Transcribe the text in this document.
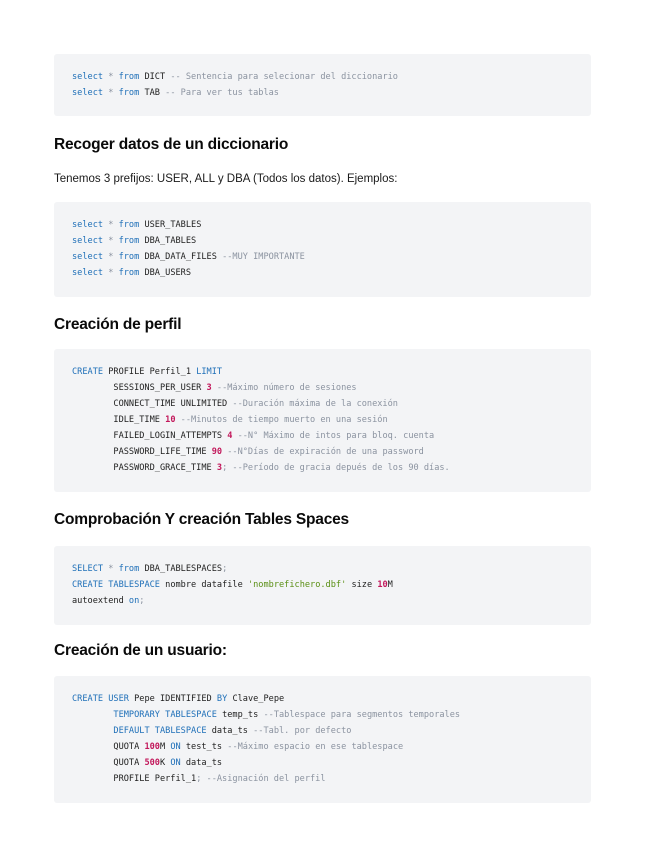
select * from DICT -- Sentencia para selecionar del diccionario
select * from TAB -- Para ver tus tablas
Recoger datos de un diccionario
Tenemos 3 prefijos: USER, ALL y DBA (Todos los datos). Ejemplos:
select * from USER_TABLES
select * from DBA_TABLES
select * from DBA_DATA_FILES --MUY IMPORTANTE
select * from DBA_USERS
Creación de perfil
CREATE PROFILE Perfil_1 LIMIT
SESSIONS_PER_USER 3 --Máximo número de sesiones
CONNECT_TIME UNLIMITED --Duración máxima de la conexión
IDLE_TIME 10 --Minutos de tiempo muerto en una sesión
FAILED_LOGIN_ATTEMPTS 4 --N° Máximo de intos para bloq. cuenta
PASSWORD_LIFE_TIME 90 --N°Días de expiración de una password
PASSWORD_GRACE_TIME 3; --Período de gracia depués de los 90 días.
Comprobación Y creación Tables Spaces
SELECT * from DBA_TABLESPACES;
CREATE TABLESPACE nombre datafile 'nombrefichero.dbf' size 10M
autoextend on;
Creación de un usuario:
CREATE USER Pepe IDENTIFIED BY Clave_Pepe
TEMPORARY TABLESPACE temp_ts --Tablespace para segmentos temporales
DEFAULT TABLESPACE data_ts --Tabl. por defecto
QUOTA 100M ON test_ts --Máximo espacio en ese tablespace
QUOTA 500K ON data_ts
PROFILE Perfil_1; --Asignación del perfil
